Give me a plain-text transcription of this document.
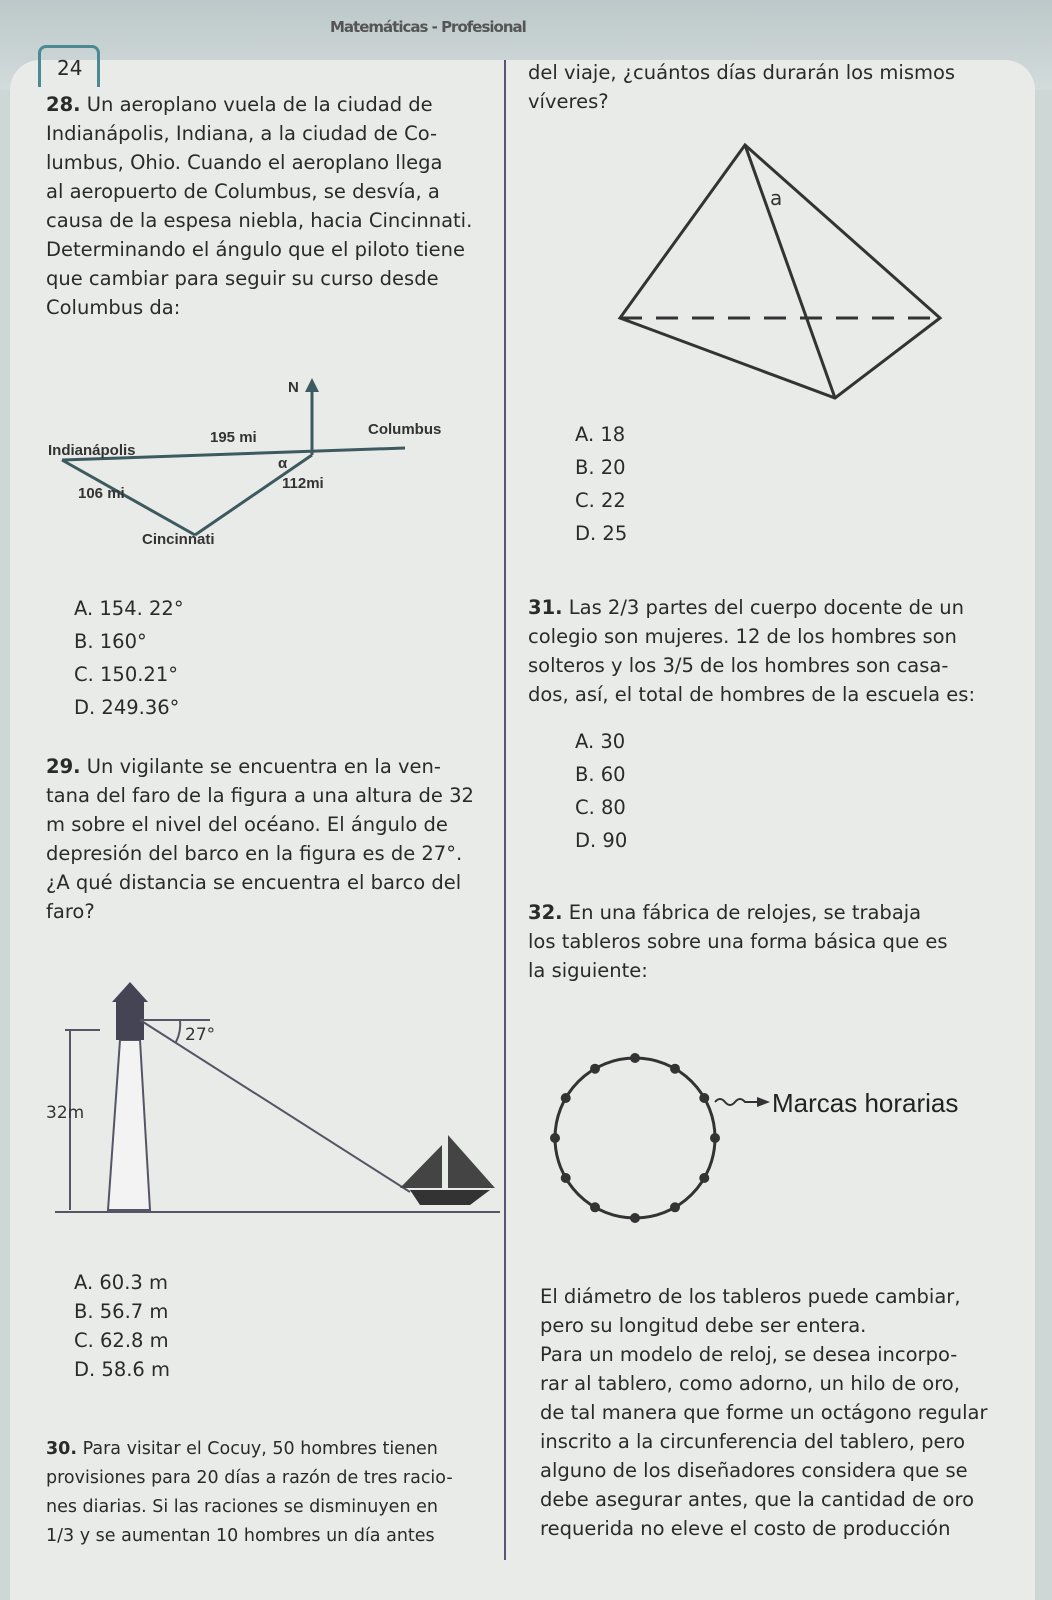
Matemáticas - Profesional
24
28. Un aeroplano vuela de la ciudad de
Indianápolis, Indiana, a la ciudad de Co-
lumbus, Ohio. Cuando el aeroplano llega
al aeropuerto de Columbus, se desvía, a
causa de la espesa niebla, hacia Cincinnati.
Determinando el ángulo que el piloto tiene
que cambiar para seguir su curso desde
Columbus da:
N
Indianápolis
Columbus
Cincinnati
195 mi
106 mi
112mi
α
A. 154. 22°
B. 160°
C. 150.21°
D. 249.36°
29. Un vigilante se encuentra en la ven-
tana del faro de la figura a una altura de 32
m sobre el nivel del océano. El ángulo de
depresión del barco en la figura es de 27°.
¿A qué distancia se encuentra el barco del
faro?
27°
32m
A. 60.3 m
B. 56.7 m
C. 62.8 m
D. 58.6 m
30. Para visitar el Cocuy, 50 hombres tienen
provisiones para 20 días a razón de tres racio-
nes diarias. Si las raciones se disminuyen en
1/3 y se aumentan 10 hombres un día antes
del viaje, ¿cuántos días durarán los mismos
víveres?
a
A. 18
B. 20
C. 22
D. 25
31. Las 2/3 partes del cuerpo docente de un
colegio son mujeres. 12 de los hombres son
solteros y los 3/5 de los hombres son casa-
dos, así, el total de hombres de la escuela es:
A. 30
B. 60
C. 80
D. 90
32. En una fábrica de relojes, se trabaja
los tableros sobre una forma básica que es
la siguiente:
Marcas horarias
El diámetro de los tableros puede cambiar,
pero su longitud debe ser entera.
Para un modelo de reloj, se desea incorpo-
rar al tablero, como adorno, un hilo de oro,
de tal manera que forme un octágono regular
inscrito a la circunferencia del tablero, pero
alguno de los diseñadores considera que se
debe asegurar antes, que la cantidad de oro
requerida no eleve el costo de producción
